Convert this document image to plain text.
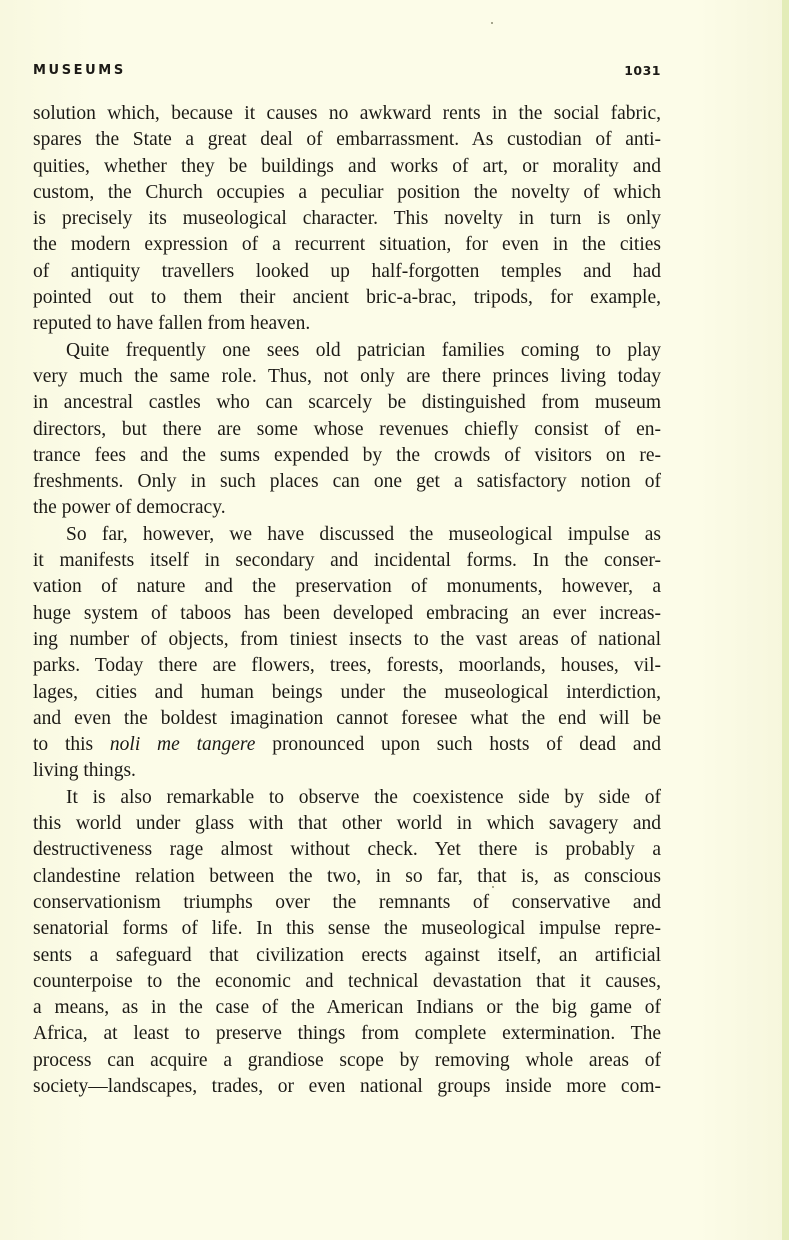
MUSEUMS	1031
solution which, because it causes no awkward rents in the social fabric,
spares the State a great deal of embarrassment. As custodian of anti-
quities, whether they be buildings and works of art, or morality and
custom, the Church occupies a peculiar position the novelty of which
is precisely its museological character. This novelty in turn is only
the modern expression of a recurrent situation, for even in the cities
of antiquity travellers looked up half-forgotten temples and had
pointed out to them their ancient bric-a-brac, tripods, for example,
reputed to have fallen from heaven.
Quite frequently one sees old patrician families coming to play
very much the same role. Thus, not only are there princes living today
in ancestral castles who can scarcely be distinguished from museum
directors, but there are some whose revenues chiefly consist of en-
trance fees and the sums expended by the crowds of visitors on re-
freshments. Only in such places can one get a satisfactory notion of
the power of democracy.
So far, however, we have discussed the museological impulse as
it manifests itself in secondary and incidental forms. In the conser-
vation of nature and the preservation of monuments, however, a
huge system of taboos has been developed embracing an ever increas-
ing number of objects, from tiniest insects to the vast areas of national
parks. Today there are flowers, trees, forests, moorlands, houses, vil-
lages, cities and human beings under the museological interdiction,
and even the boldest imagination cannot foresee what the end will be
to this noli me tangere pronounced upon such hosts of dead and
living things.
It is also remarkable to observe the coexistence side by side of
this world under glass with that other world in which savagery and
destructiveness rage almost without check. Yet there is probably a
clandestine relation between the two, in so far, that is, as conscious
conservationism triumphs over the remnants of conservative and
senatorial forms of life. In this sense the museological impulse repre-
sents a safeguard that civilization erects against itself, an artificial
counterpoise to the economic and technical devastation that it causes,
a means, as in the case of the American Indians or the big game of
Africa, at least to preserve things from complete extermination. The
process can acquire a grandiose scope by removing whole areas of
society—landscapes, trades, or even national groups inside more com-
